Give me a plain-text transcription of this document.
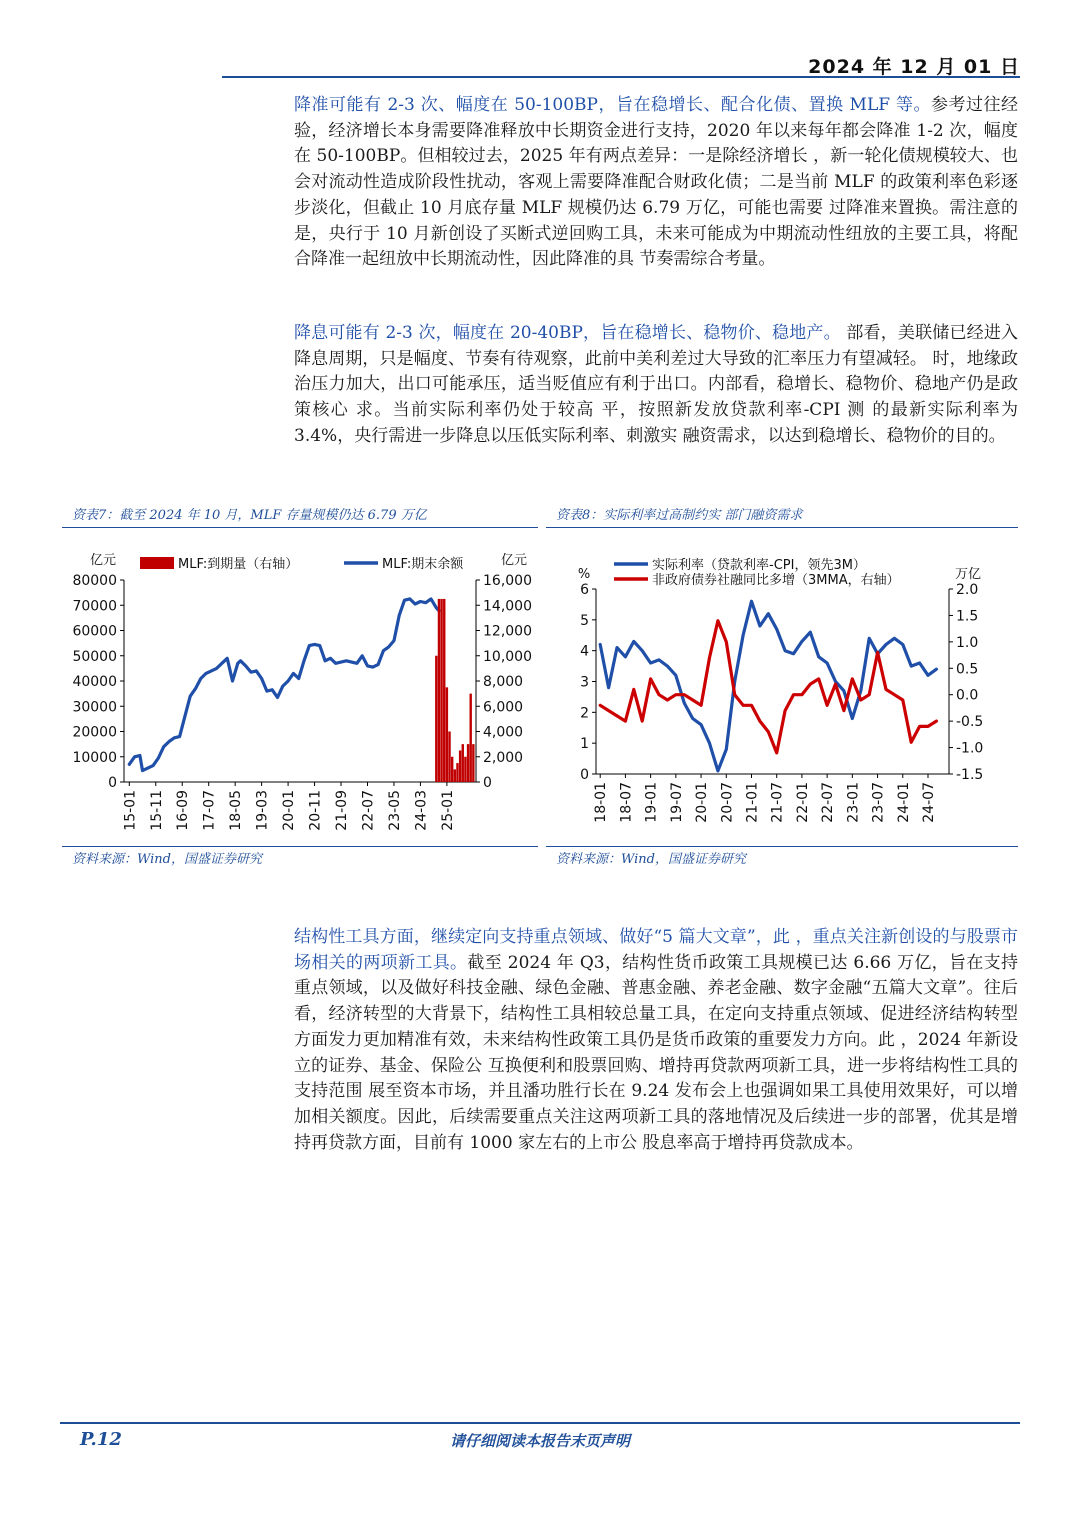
2024 年 12 月 01 日

降准可能有 2-3 次、幅度在 50-100BP，旨在稳增长、配合化债、置换 MLF 等。参考过往经验，经济增长本身需要降准释放中长期资金进行支持，2020 年以来每年都会降准 1-2 次，幅度在 50-100BP。但相较过去，2025 年有两点差异：一是除经济增长 ，新一轮化债规模较大、也会对流动性造成阶段性扰动，客观上需要降准配合财政化债；二是当前 MLF 的政策利率色彩逐步淡化，但截止 10 月底存量 MLF 规模仍达 6.79 万亿，可能也需要 过降准来置换。需注意的是，央行于 10 月新创设了买断式逆回购工具，未来可能成为中期流动性纽放的主要工具，将配合降准一起纽放中长期流动性，因此降准的具 节奏需综合考量。

降息可能有 2-3 次，幅度在 20-40BP，旨在稳增长、稳物价、稳地产。 部看，美联储已经进入降息周期，只是幅度、节奏有待观察，此前中美利差过大导致的汇率压力有望减轻。 时，地缘政治压力加大，出口可能承压，适当贬值应有利于出口。内部看，稳增长、稳物价、稳地产仍是政策核心 求。当前实际利率仍处于较高 平，按照新发放贷款利率-CPI 测 的最新实际利率为 3.4%，央行需进一步降息以压低实际利率、刺激实 融资需求，以达到稳增长、稳物价的目的。

资表7：截至 2024 年 10 月，MLF 存量规模仍达 6.79 万亿
80000
70000
60000
50000
40000
30000
20000
10000
0
16,000
14,000
12,000
10,000
8,000
6,000
4,000
2,000
0
亿元	亿元
15-01 15-11 16-09 17-07 18-05 19-03 20-01 20-11 21-09 22-07 23-05 24-03 25-01
MLF:期末余额
MLF:到期量（右轴）
资料来源：Wind，国盛证券研究
资表8：实际利率过高制约实 部门融资需求
6
5
4
3
2
1
0
2.0
1.5
1.0
0.5
0.0
-0.5
-1.0
-1.5
%	万亿
18-01 18-07 19-01 19-07 20-01 20-07 21-01 21-07 22-01 22-07 23-01 23-07 24-01 24-07
实际利率（贷款利率-CPI，领先3M）
非政府债券社融同比多增（3MMA，右轴）
资料来源：Wind，国盛证券研究

结构性工具方面，继续定向支持重点领域、做好“5 篇大文章”，此 ，重点关注新创设的与股票市场相关的两项新工具。截至 2024 年 Q3，结构性货币政策工具规模已达 6.66 万亿，旨在支持重点领域，以及做好科技金融、绿色金融、普惠金融、养老金融、数字金融“五篇大文章”。往后看，经济转型的大背景下，结构性工具相较总量工具，在定向支持重点领域、促进经济结构转型方面发力更加精准有效，未来结构性政策工具仍是货币政策的重要发力方向。此 ，2024 年新设立的证券、基金、保险公 互换便利和股票回购、增持再贷款两项新工具，进一步将结构性工具的支持范围 展至资本市场，并且潘功胜行长在 9.24 发布会上也强调如果工具使用效果好，可以增加相关额度。因此，后续需要重点关注这两项新工具的落地情况及后续进一步的部署，优其是增持再贷款方面，目前有 1000 家左右的上市公 股息率高于增持再贷款成本。

P.12	请仔细阅读本报告末页声明
